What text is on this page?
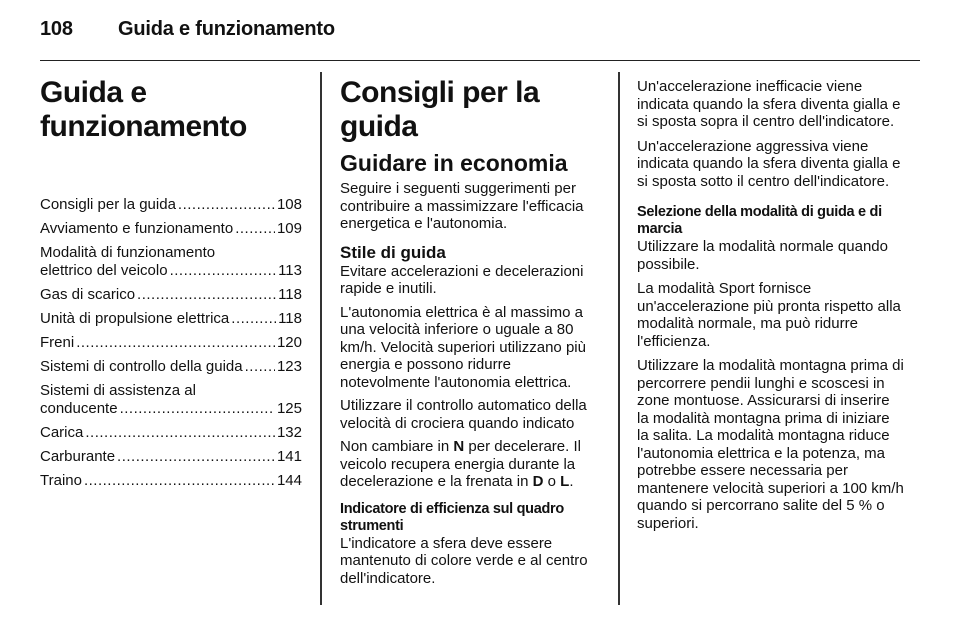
108	Guida e funzionamento
Guida e
funzionamento
Consigli per la guida .....	108
Avviamento e funzionamento .....	109
Modalità di funzionamento
elettrico del veicolo .....	113
Gas di scarico .....	118
Unità di propulsione elettrica .....	118
Freni .....	120
Sistemi di controllo della guida ..... 123
Sistemi di assistenza al
conducente .....	125
Carica .....	132
Carburante .....	141
Traino .....	144
Consigli per la guida
Guidare in economia

Seguire i seguenti suggerimenti per contribuire a massimizzare l'efficacia energetica e l'autonomia.

Stile di guida

Evitare accelerazioni e decelerazioni rapide e inutili.

L'autonomia elettrica è al massimo a una velocità inferiore o uguale a 80 km/h. Velocità superiori utilizzano più energia e possono ridurre notevolmente l'autonomia elettrica.

Utilizzare il controllo automatico della velocità di crociera quando indicato

Non cambiare in N per decelerare. Il veicolo recupera energia durante la decelerazione e la frenata in D o L.

Indicatore di efficienza sul quadro strumenti

L'indicatore a sfera deve essere mantenuto di colore verde e al centro dell'indicatore.

Un'accelerazione inefficacie viene indicata quando la sfera diventa gialla e si sposta sopra il centro dell'indicatore.

Un'accelerazione aggressiva viene indicata quando la sfera diventa gialla e si sposta sotto il centro dell'indicatore.

Selezione della modalità di guida e di marcia

Utilizzare la modalità normale quando possibile.

La modalità Sport fornisce un'accelerazione più pronta rispetto alla modalità normale, ma può ridurre l'efficienza.

Utilizzare la modalità montagna prima di percorrere pendii lunghi e scoscesi in zone montuose. Assicurarsi di inserire la modalità montagna prima di iniziare la salita. La modalità montagna riduce l'autonomia elettrica e la potenza, ma potrebbe essere necessaria per mantenere velocità superiori a 100 km/h quando si percorrano salite del 5 % o superiori.
